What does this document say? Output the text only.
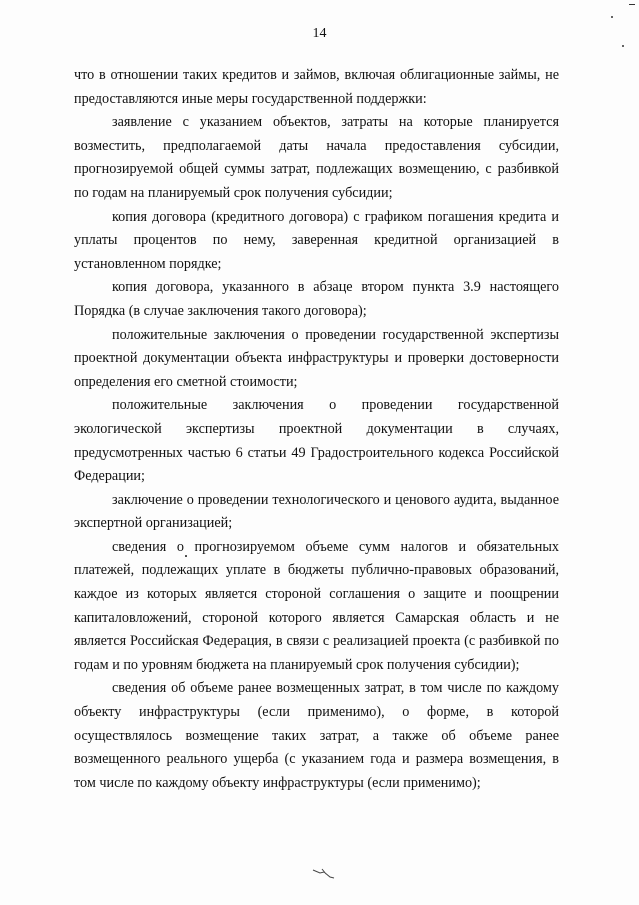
14

что в отношении таких кредитов и займов, включая облигационные займы, не предоставляются иные меры государственной поддержки:

заявление с указанием объектов, затраты на которые планируется возместить, предполагаемой даты начала предоставления субсидии, прогнозируемой общей суммы затрат, подлежащих возмещению, с разбивкой по годам на планируемый срок получения субсидии;

копия договора (кредитного договора) с графиком погашения кредита и уплаты процентов по нему, заверенная кредитной организацией в установленном порядке;

копия договора, указанного в абзаце втором пункта 3.9 настоящего Порядка (в случае заключения такого договора);

положительные заключения о проведении государственной экспертизы проектной документации объекта инфраструктуры и проверки достоверности определения его сметной стоимости;

положительные заключения о проведении государственной экологической экспертизы проектной документации в случаях, предусмотренных частью 6 статьи 49 Градостроительного кодекса Российской Федерации;

заключение о проведении технологического и ценового аудита, выданное экспертной организацией;

сведения о прогнозируемом объеме сумм налогов и обязательных платежей, подлежащих уплате в бюджеты публично-правовых образований, каждое из которых является стороной соглашения о защите и поощрении капиталовложений, стороной которого является Самарская область и не является Российская Федерация, в связи с реализацией проекта (с разбивкой по годам и по уровням бюджета на планируемый срок получения субсидии);

сведения об объеме ранее возмещенных затрат, в том числе по каждому объекту инфраструктуры (если применимо), о форме, в которой осуществлялось возмещение таких затрат, а также об объеме ранее возмещенного реального ущерба (с указанием года и размера возмещения, в том числе по каждому объекту инфраструктуры (если применимо);
